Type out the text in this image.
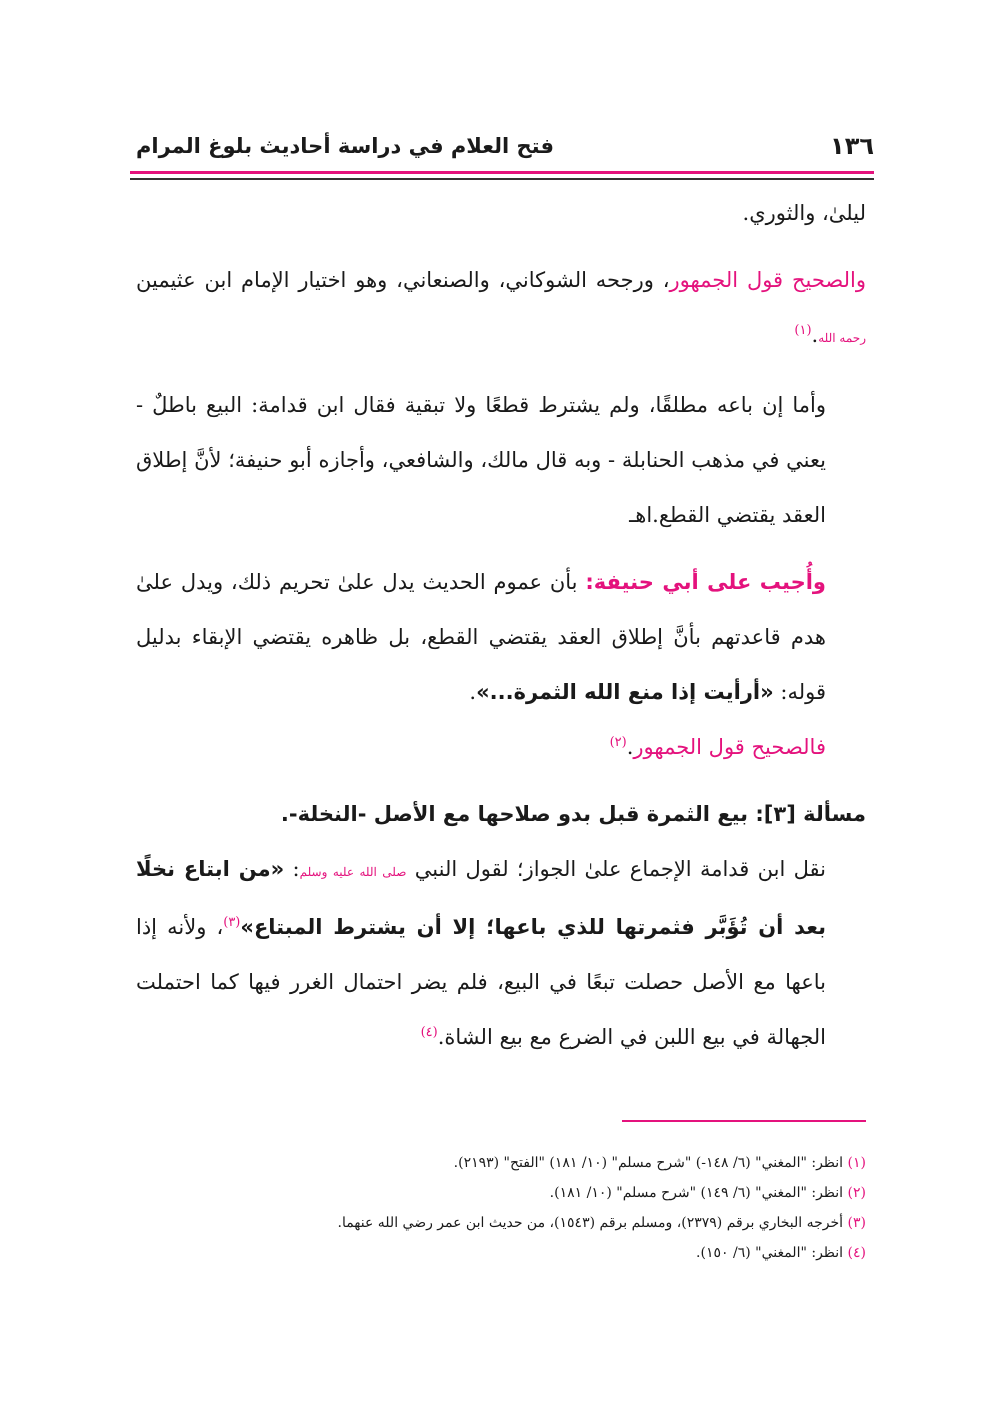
١٣٦
فتح العلام في دراسة أحاديث بلوغ المرام

ليلىٰ، والثوري.

والصحيح قول الجمهور، ورجحه الشوكاني، والصنعاني، وهو اختيار الإمام ابن عثيمين رحمه الله.$^{(١)}$

وأما إن باعه مطلقًا، ولم يشترط قطعًا ولا تبقية فقال ابن قدامة: البيع باطلٌ - يعني في مذهب الحنابلة - وبه قال مالك، والشافعي، وأجازه أبو حنيفة؛ لأنَّ إطلاق العقد يقتضي القطع.اهـ

وأُجيب على أبي حنيفة: بأن عموم الحديث يدل علىٰ تحريم ذلك، ويدل علىٰ هدم قاعدتهم بأنَّ إطلاق العقد يقتضي القطع، بل ظاهره يقتضي الإبقاء بدليل قوله: «أرأيت إذا منع الله الثمرة...».

فالصحيح قول الجمهور.$^{(٢)}$

مسألة [٣]: بيع الثمرة قبل بدو صلاحها مع الأصل -النخلة-.

نقل ابن قدامة الإجماع علىٰ الجواز؛ لقول النبي صلى الله عليه وسلم: «من ابتاع نخلًا بعد أن تُؤَبَّر فثمرتها للذي باعها؛ إلا أن يشترط المبتاع»$^{(٣)}$، ولأنه إذا باعها مع الأصل حصلت تبعًا في البيع، فلم يضر احتمال الغرر فيها كما احتملت الجهالة في بيع اللبن في الضرع مع بيع الشاة.$^{(٤)}$

(١) انظر: "المغني" (٦/ ١٤٨-) "شرح مسلم" (١٠/ ١٨١) "الفتح" (٢١٩٣).

(٢) انظر: "المغني" (٦/ ١٤٩) "شرح مسلم" (١٠/ ١٨١).

(٣) أخرجه البخاري برقم (٢٣٧٩)، ومسلم برقم (١٥٤٣)، من حديث ابن عمر رضي الله عنهما.

(٤) انظر: "المغني" (٦/ ١٥٠).
